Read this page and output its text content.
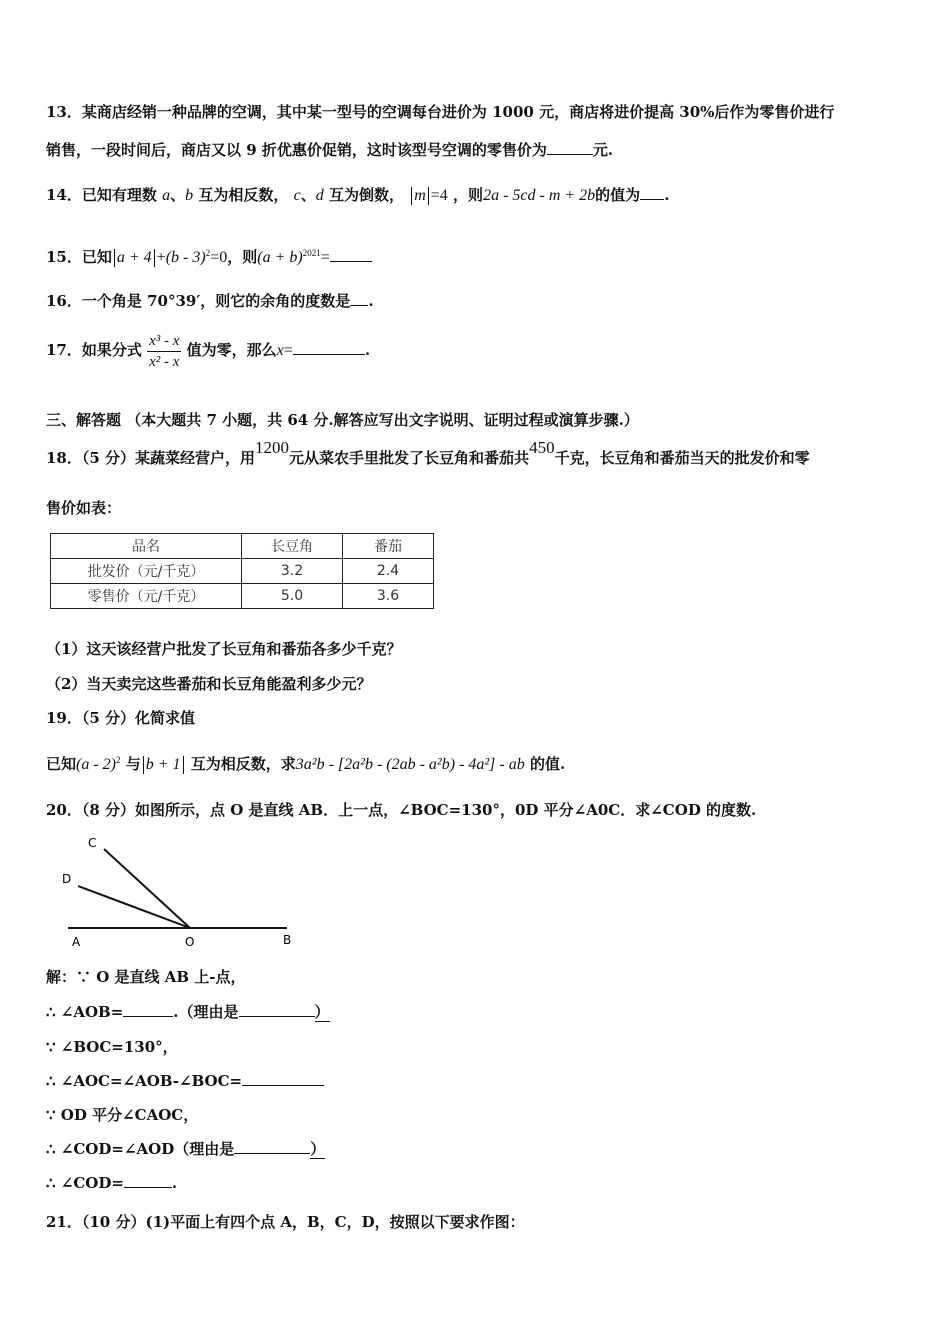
13．某商店经销一种品牌的空调，其中某一型号的空调每台进价为 1000 元，商店将进价提高 30%后作为零售价进行
销售，一段时间后，商店又以 9 折优惠价促销，这时该型号空调的零售价为	元.
14．已知有理数 a、b 互为相反数， c、d 互为倒数， m =4 ，则2a - 5cd - m + 2b的值为 .
15．已知 a + 4 +(b - 3)$^2$=0，则$(a + b)^{2021}=$
16．一个角是 70°39′，则它的余角的度数是 .
17．如果分式 $\frac{\text{x³ - x}}{\text{x² - x}}$ 值为零，那么x=	.
三、解答题 （本大题共 7 小题，共 64 分.解答应写出文字说明、证明过程或演算步骤.）
18．（5 分）某蔬菜经营户，用1200元从菜农手里批发了长豆角和番茄共450千克，长豆角和番茄当天的批发价和零
售价如表：
品名	长豆角	番茄
批发价（元/千克）	3.2	2.4
零售价（元/千克）	5.0	3.6
（1）这天该经营户批发了长豆角和番茄各多少千克？
（2）当天卖完这些番茄和长豆角能盈利多少元？
19．（5 分）化简求值
已知(a - 2)$^2$ 与 b + 1 互为相反数，求3a²b - [2a²b - (2ab - a²b) - 4a²] - ab 的值.
20．（8 分）如图所示，点 O 是直线 AB．上一点，∠BOC=130°，0D 平分∠A0C．求∠COD 的度数.
C
D
A	O	B
解：∵ O 是直线 AB 上-点，
∴ ∠AOB=	.（理由是	）
∵ ∠BOC=130°，
∴ ∠AOC=∠AOB-∠BOC=
∵ OD 平分∠CAOC，
∴ ∠COD=∠AOD（理由是	）
∴ ∠COD=	.
21．（10 分）(1)平面上有四个点 A，B，C，D，按照以下要求作图：
